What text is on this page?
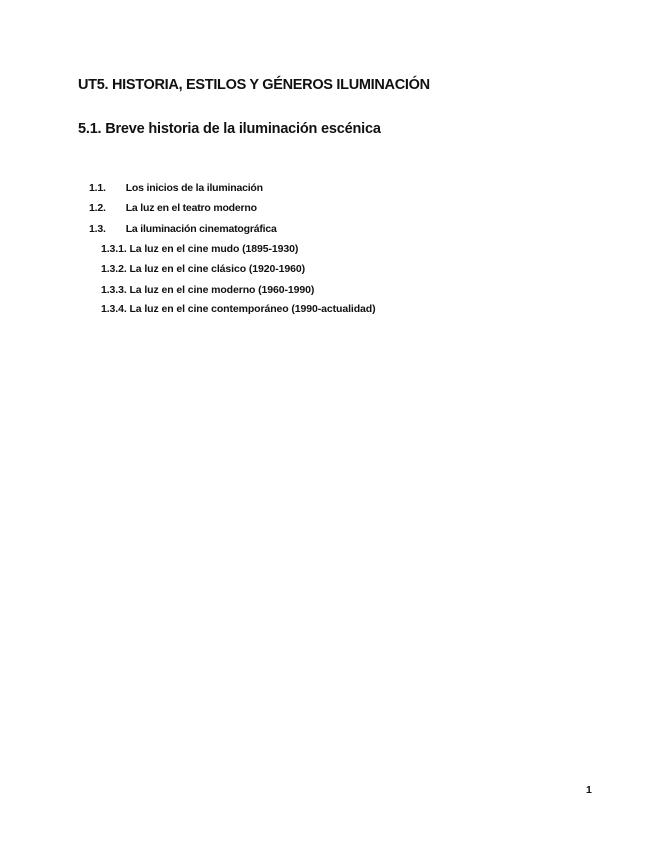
UT5. HISTORIA, ESTILOS Y GÉNEROS ILUMINACIÓN
5.1. Breve historia de la iluminación escénica
1.1. Los inicios de la iluminación
1.2. La luz en el teatro moderno
1.3. La iluminación cinematográfica
1.3.1. La luz en el cine mudo (1895-1930)
1.3.2. La luz en el cine clásico (1920-1960)
1.3.3. La luz en el cine moderno (1960-1990)
1.3.4. La luz en el cine contemporáneo (1990-actualidad)
1
